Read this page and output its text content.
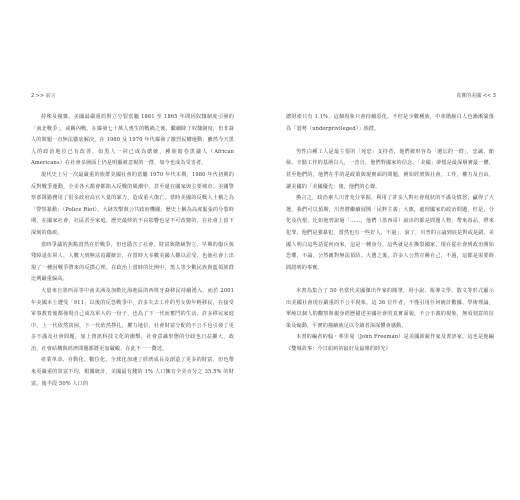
2 >> 前言

持殊及複雜。美國最嚴重的對立分裂當屬 1861 至 1865 年間因奴隸制度引發的「南北戰爭」，或稱內戰。在爆發七十萬人喪生的戰禍之後，繼續除了奴隸制度，但非裔人的問題一直無法徹底解決。在 1960 及 1970 年代爆發了激烈民權運動，雖然今天黑人的政治地位已有改善，如黑人一同已成為總統，種族暗卷黑議人（African Americans）在社會多層面上仍是明顯被忽視的一群，如今也成為受害者。

現代史上另一次最嚴重的族群美國社會的當屬 1970 年代末期，1980 年代初期的反對戰爭運動，全美各大都會都陷入反戰的風潮中，甚至還在國家與主要城市。美國警察部隊勤務用了很多政府高官大量的暴力，造成重大傷亡。當時美國的反戰人士稱之為「警察暴動」（Police Riot）。大肆攻擊與公共政府機關，歷史上稱為高度緊張的分裂時期，在國家社會，社區甚至家庭，歷史最終的不良影響也是不可改變的，在社會上留下深刻的傷痕。

當時爭議的焦點當然在於戰爭，但也隱含了社會、財富與階級對立。早期的傷兵與殘障退伍軍人，人數大到無法追蹤統計，在當時大多數美國人難以忍受，也使社會上出現了一種因戰爭帶來的反撲心理。在政治上當時的比例中，黑人等少數民族與藍領族群比例嚴重偏高。

大量來自墨西哥等中南美洲及加勒比海地區的西班牙裔移民持續湧入，而於 2001 年美國本土遭受「911」以後的反恐戰爭中，許多失去工作的男女與年輕移民，在接受軍事教育後都發現自己成為軍人的一份子，也為了下一代而奮鬥的生活。許多移民家庭中，上一代依然貧困，下一代依然掙扎，權力地位、社會財富分配的不公平也引發了更多不滿及社會問題，加上資訊科技文化的衝擊，社會意識形態的分歧也日益擴大，政治、社會結構與經濟問題都將更加嚴峻，在此不一一贅述。

產業革命、自動化、數位化、全球化加速了經濟成長及創造了更多的財富，但也帶來更嚴重的貧富不均，根據統計，美國最有錢的 1% 人口擁有全美百分之 35.5% 的財富，後半段 50% 人口的

真實的美國 << 3

總財產只有 1.1%，這個現象只會持續惡化。不但是少數種族，中產階級白人也漸漸淪落為「弱勢（underprivileged）」族群。

男性白種工人是最主要的「死忠」支持者，他們被形容為「遺忘的一群」，忠誠、節儉、辛勤工作的基層白人，一昔日，他們對國家的信念，「美國」夢想是最深層實最一體，甚至他們的，他們在乎的是政策與現實面的問題，例如經濟與社會，工作，權力及自由，讓美國的「美國優先」後，他們的心聲。

換言之，政治素人川普充分掌握，利用了許多人對社會現狀的不滿及憤怒，贏得了大選。我們可以預期，川普將繼續展開「民粹主義」大旗，處理國家的政治問題，但是，分化及仇恨，比如他曾說過「……，他們（墨西哥）說出的都是問題人物，帶來毒品，帶來犯罪，他們是強暴犯，當然也有一些好人，不過」，說了，川普的言論到底是對或是錯，美國人明白這些話從何而來，這是一種身分，這些就是在撕裂國家，現在從社會到政治開始恐懼，不論，公然敵對無法預防。大選之後，許多人公然宣稱自己，不過，這都是需要時間證明的事實。

本書為集合了 50 名當代美國傑出作家的隨筆，用小說、報導文學、散文等形式顯示出美國社會現存嚴重的不公平現象。這 36 位作者，不僅引用任何統計數據、學術理論，單純以個人的觀察與親身經歷描述美國社會的真實面貌，不公不義的現象，無須刻意的渲染及煽動，平實的描繪就足以令讀者深深體會感動。

本書的編者約翰・弗里曼（John Freeman）是美國新銳作家及書評家，這也是他編《雙城故事：今日紐約的最好及最壞的時光》
